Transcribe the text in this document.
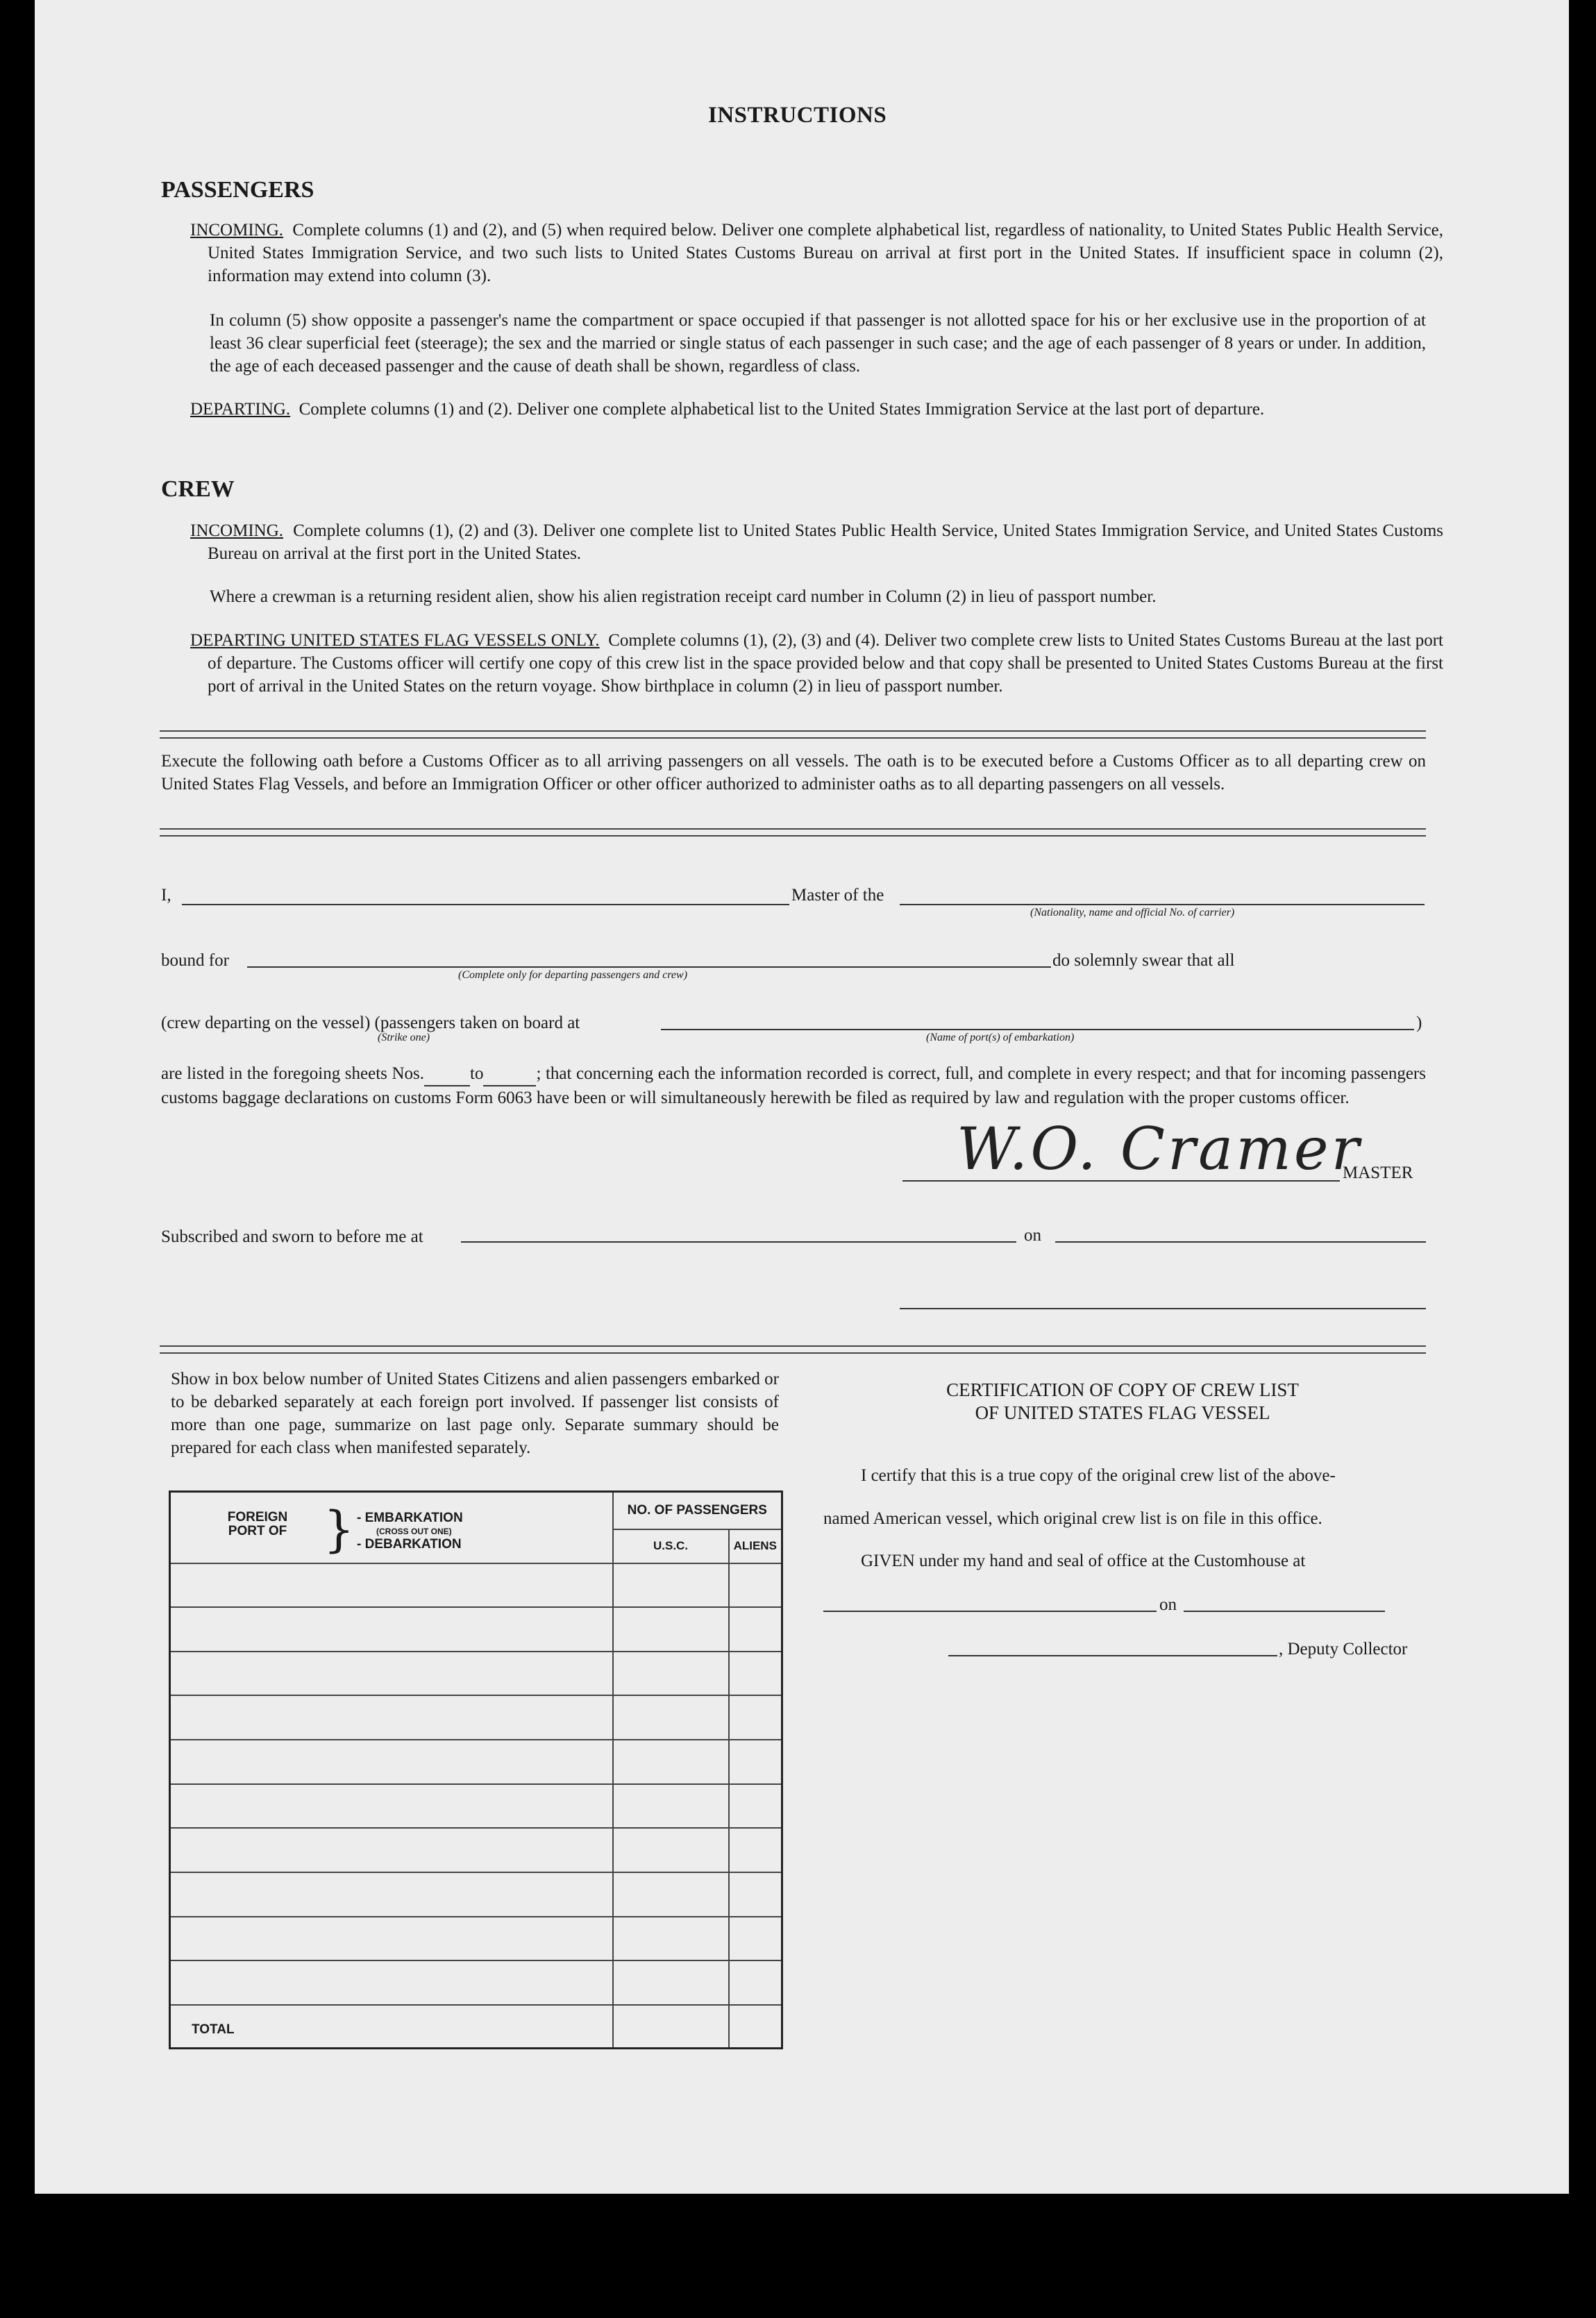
INSTRUCTIONS
PASSENGERS
INCOMING. Complete columns (1) and (2), and (5) when required below. Deliver one complete alphabetical list, regardless of nationality, to United States Public Health Service, United States Immigration Service, and two such lists to United States Customs Bureau on arrival at first port in the United States. If insufficient space in column (2), information may extend into column (3).
In column (5) show opposite a passenger's name the compartment or space occupied if that passenger is not allotted space for his or her exclusive use in the proportion of at least 36 clear superficial feet (steerage); the sex and the married or single status of each passenger in such case; and the age of each passenger of 8 years or under. In addition, the age of each deceased passenger and the cause of death shall be shown, regardless of class.
DEPARTING. Complete columns (1) and (2). Deliver one complete alphabetical list to the United States Immigration Service at the last port of departure.
CREW
INCOMING. Complete columns (1), (2) and (3). Deliver one complete list to United States Public Health Service, United States Immigration Service, and United States Customs Bureau on arrival at the first port in the United States.
Where a crewman is a returning resident alien, show his alien registration receipt card number in Column (2) in lieu of passport number.
DEPARTING UNITED STATES FLAG VESSELS ONLY. Complete columns (1), (2), (3) and (4). Deliver two complete crew lists to United States Customs Bureau at the last port of departure. The Customs officer will certify one copy of this crew list in the space provided below and that copy shall be presented to United States Customs Bureau at the first port of arrival in the United States on the return voyage. Show birthplace in column (2) in lieu of passport number.
Execute the following oath before a Customs Officer as to all arriving passengers on all vessels. The oath is to be executed before a Customs Officer as to all departing crew on United States Flag Vessels, and before an Immigration Officer or other officer authorized to administer oaths as to all departing passengers on all vessels.
I,	Master of the
(Nationality, name and official No. of carrier)
bound for
(Complete only for departing passengers and crew)
do solemnly swear that all
(crew departing on the vessel) (passengers taken on board at
(Strike one)	(Name of port(s) of embarkation)
)
are listed in the foregoing sheets Nos.	to	; that concerning each the information recorded is correct, full, and complete in every respect; and that for incoming passengers customs baggage declarations on customs Form 6063 have been or will simultaneously herewith be filed as required by law and regulation with the proper customs officer.
W.O. Cramer
MASTER
Subscribed and sworn to before me at	on
Show in box below number of United States Citizens and alien passengers embarked or to be debarked separately at each foreign port involved. If passenger list consists of more than one page, summarize on last page only. Separate summary should be prepared for each class when manifested separately.
FOREIGN PORT OF } - EMBARKATION
(CROSS OUT ONE)
- DEBARKATION	NO. OF PASSENGERS	
	U.S.C.	ALIENS

TOTAL		
CERTIFICATION OF COPY OF CREW LIST
OF UNITED STATES FLAG VESSEL
I certify that this is a true copy of the original crew list of the above-
named American vessel, which original crew list is on file in this office.
GIVEN under my hand and seal of office at the Customhouse at
on
, Deputy Collector
